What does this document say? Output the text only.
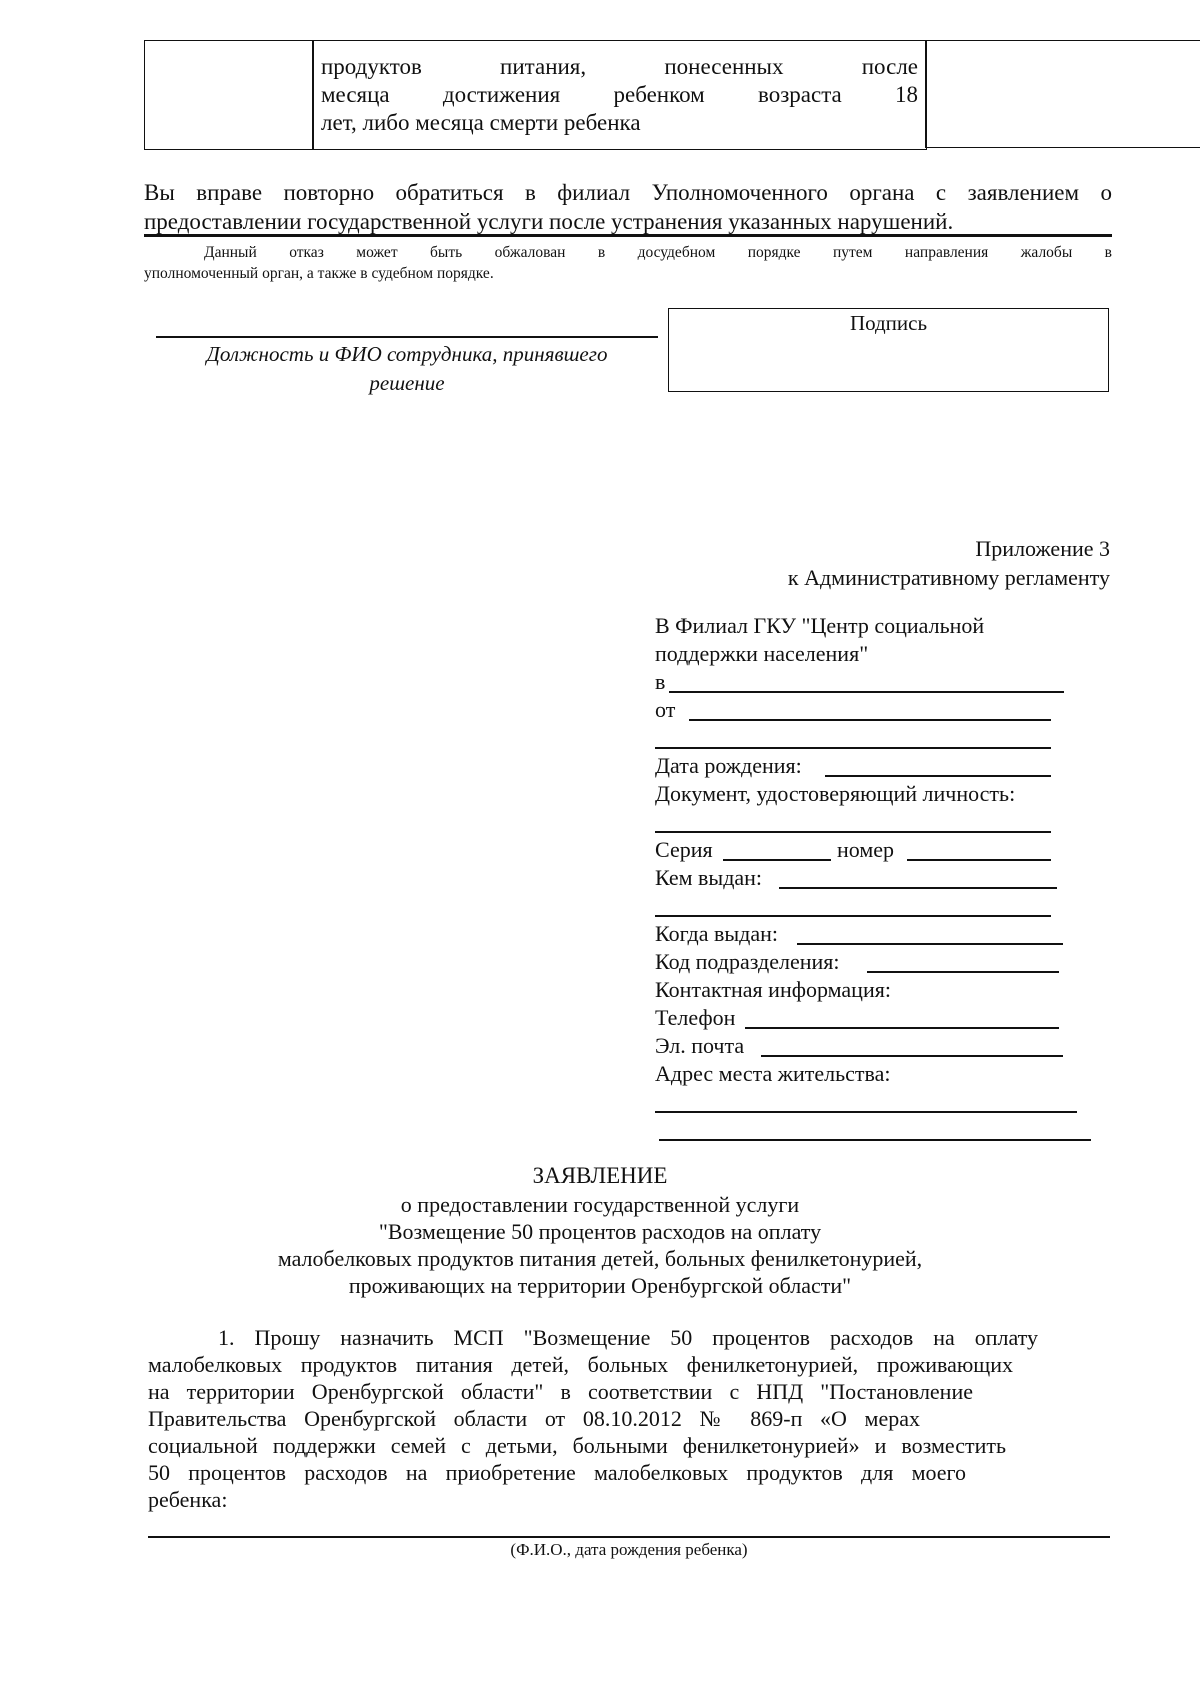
продуктов питания, понесенных после
месяца достижения ребенком возраста 18
лет, либо месяца смерти ребенка
Вы вправе повторно обратиться в филиал Уполномоченного органа с заявлением о
предоставлении государственной услуги после устранения указанных нарушений.
Данный отказ может быть обжалован в досудебном порядке путем направления жалобы в
уполномоченный орган, а также в судебном порядке.
Должность и ФИО сотрудника, принявшего
решение
Подпись
Приложение 3
к Административному регламенту
В Филиал ГКУ "Центр социальной
поддержки населения"
в
от
Дата рождения:
Документ, удостоверяющий личность:
Серия	номер
Кем выдан:
Когда выдан:
Код подразделения:
Контактная информация:
Телефон
Эл. почта
Адрес места жительства:
ЗАЯВЛЕНИЕ
о предоставлении государственной услуги
"Возмещение 50 процентов расходов на оплату
малобелковых продуктов питания детей, больных фенилкетонурией,
проживающих на территории Оренбургской области"
1. Прошу назначить МСП "Возмещение 50 процентов расходов на оплату
малобелковых продуктов питания детей, больных фенилкетонурией, проживающих
на территории Оренбургской области" в соответствии с НПД "Постановление
Правительства Оренбургской области от 08.10.2012 № 869-п «О мерах
социальной поддержки семей с детьми, больными фенилкетонурией» и возместить
50 процентов расходов на приобретение малобелковых продуктов для моего
ребенка:
(Ф.И.О., дата рождения ребенка)
